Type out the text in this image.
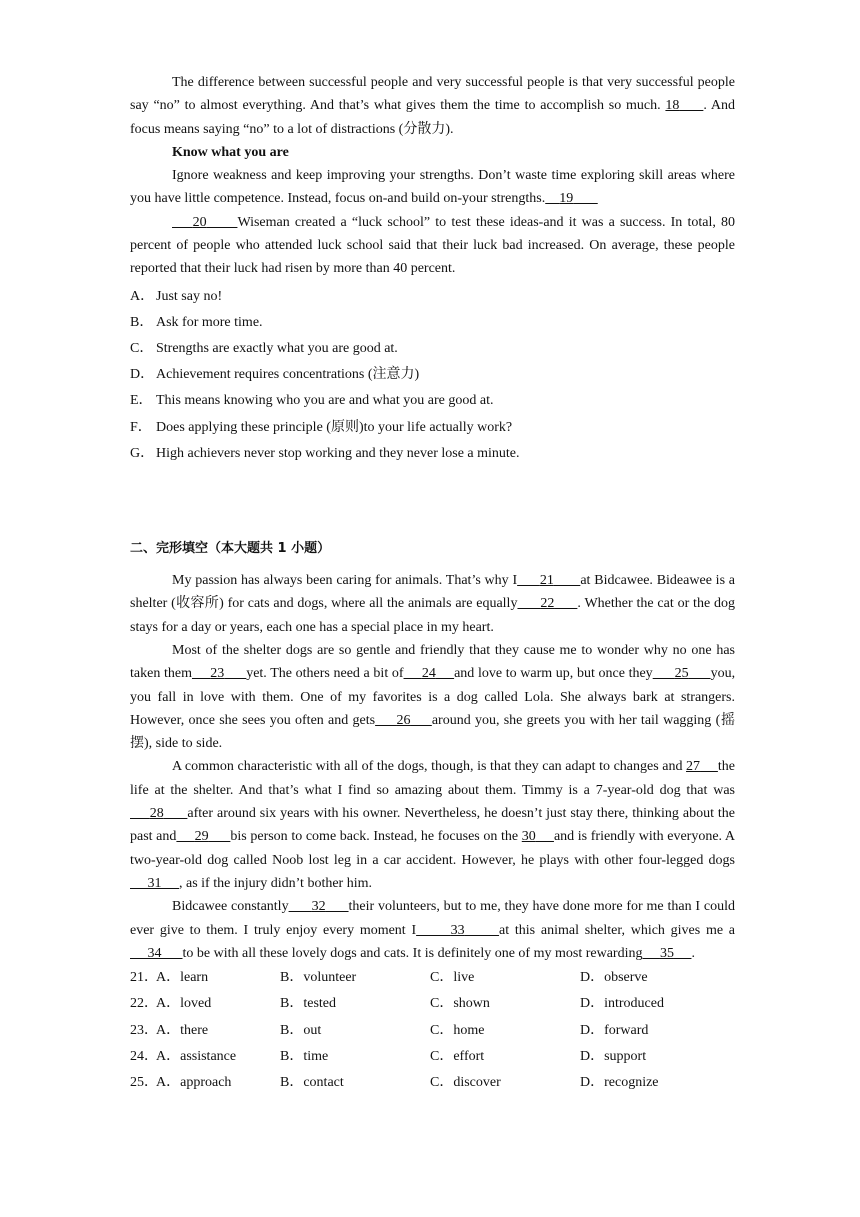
The difference between successful people and very successful people is that very successful people say “no” to almost everything. And that’s what gives them the time to accomplish so much. 18 . And focus means saying “no” to a lot of distractions (分散力).

Know what you are

Ignore weakness and keep improving your strengths. Don’t waste time exploring skill areas where you have little competence. Instead, focus on-and build on-your strengths. 19

20 Wiseman created a “luck school” to test these ideas-and it was a success. In total, 80 percent of people who attended luck school said that their luck bad increased. On average, these people reported that their luck had risen by more than 40 percent.

A． Just say no!

B． Ask for more time.

C． Strengths are exactly what you are good at.

D． Achievement requires concentrations (注意力)

E． This means knowing who you are and what you are good at.

F． Does applying these principle (原则)to your life actually work?

G． High achievers never stop working and they never lose a minute.

二、完形填空（本大题共 1 小题）

My passion has always been caring for animals. That’s why I 21 at Bidcawee. Bideawee is a shelter (收容所) for cats and dogs, where all the animals are equally 22 . Whether the cat or the dog stays for a day or years, each one has a special place in my heart.

Most of the shelter dogs are so gentle and friendly that they cause me to wonder why no one has taken them 23 yet. The others need a bit of 24 and love to warm up, but once they 25 you, you fall in love with them. One of my favorites is a dog called Lola. She always bark at strangers. However, once she sees you often and gets 26 around you, she greets you with her tail wagging (摇摆), side to side.

A common characteristic with all of the dogs, though, is that they can adapt to changes and 27 the life at the shelter. And that’s what I find so amazing about them. Timmy is a 7-year-old dog that was     28 after around six years with his owner. Nevertheless, he doesn’t just stay there, thinking about the past and 29 bis person to come back. Instead, he focuses on the 30 and is friendly with everyone. A two-year-old dog called Noob lost leg in a car accident. However, he plays with other four-legged dogs     31 , as if the injury didn’t bother him.

Bidcawee constantly 32 their volunteers, but to me, they have done more for me than I could ever give to them. I truly enjoy every moment I 33 at this animal shelter, which gives me a     34 to be with all these lovely dogs and cats. It is definitely one of my most rewarding 35 .

21．
A．learn	B．volunteer	C．live	D．observe
22．
A．loved	B．tested	C．shown	D．introduced
23．
A．there	B．out	C．home	D．forward
24．
A．assistance	B．time	C．effort	D．support
25．
A．approach	B．contact	C．discover	D．recognize
